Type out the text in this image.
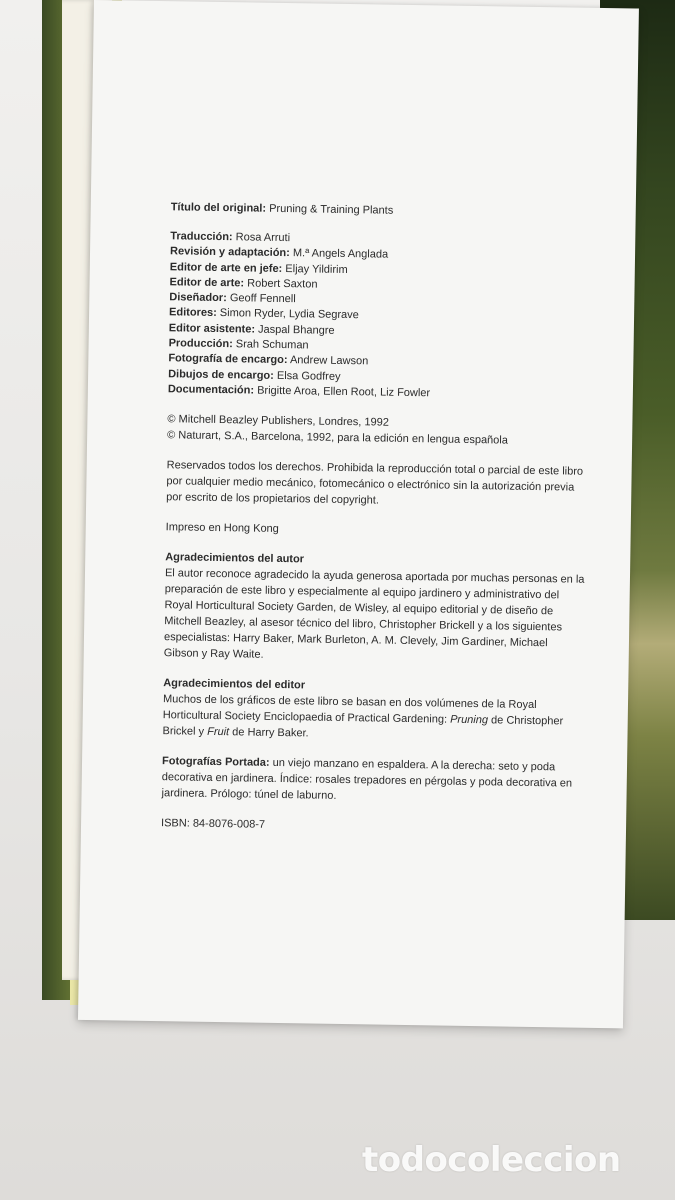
Título del original: Pruning & Training Plants

Traducción: Rosa Arruti

Revisión y adaptación: M.ª Angels Anglada

Editor de arte en jefe: Eljay Yildirim

Editor de arte: Robert Saxton

Diseñador: Geoff Fennell

Editores: Simon Ryder, Lydia Segrave

Editor asistente: Jaspal Bhangre

Producción: Srah Schuman

Fotografía de encargo: Andrew Lawson

Dibujos de encargo: Elsa Godfrey

Documentación: Brigitte Aroa, Ellen Root, Liz Fowler

© Mitchell Beazley Publishers, Londres, 1992

© Naturart, S.A., Barcelona, 1992, para la edición en lengua española

Reservados todos los derechos. Prohibida la reproducción total o parcial de este libro por cualquier medio mecánico, fotomecánico o electrónico sin la autorización previa por escrito de los propietarios del copyright.

Impreso en Hong Kong

Agradecimientos del autor

El autor reconoce agradecido la ayuda generosa aportada por muchas personas en la preparación de este libro y especialmente al equipo jardinero y administrativo del Royal Horticultural Society Garden, de Wisley, al equipo editorial y de diseño de Mitchell Beazley, al asesor técnico del libro, Christopher Brickell y a los siguientes especialistas: Harry Baker, Mark Burleton, A. M. Clevely, Jim Gardiner, Michael Gibson y Ray Waite.

Agradecimientos del editor

Muchos de los gráficos de este libro se basan en dos volúmenes de la Royal Horticultural Society Enciclopaedia of Practical Gardening: Pruning de Christopher Brickel y Fruit de Harry Baker.

Fotografías Portada: un viejo manzano en espaldera. A la derecha: seto y poda decorativa en jardinera. Índice: rosales trepadores en pérgolas y poda decorativa en jardinera. Prólogo: túnel de laburno.

ISBN: 84-8076-008-7

todocoleccion
